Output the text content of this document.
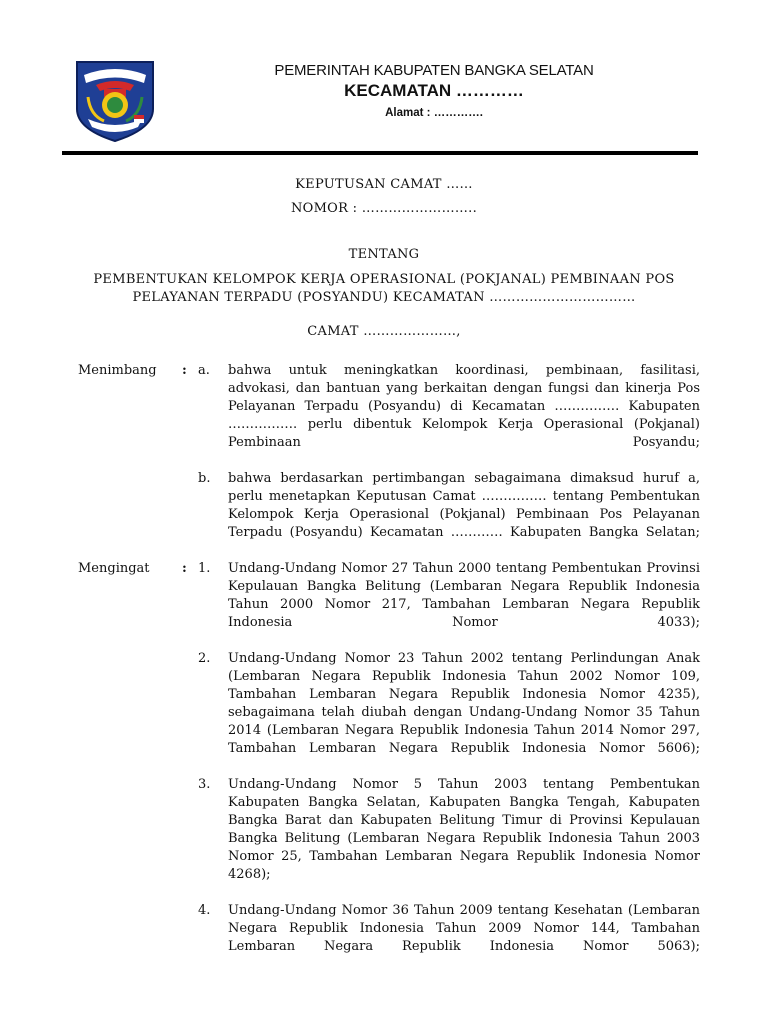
PEMERINTAH KABUPATEN BANGKA SELATAN
KECAMATAN …………
Alamat : ………….
KEPUTUSAN CAMAT ……
NOMOR : ……………………..
TENTANG
PEMBENTUKAN KELOMPOK KERJA OPERASIONAL (POKJANAL) PEMBINAAN POS
PELAYANAN TERPADU (POSYANDU) KECAMATAN ……………………………
CAMAT …………………,
Menimbang	: a.	bahwa untuk meningkatkan koordinasi, pembinaan, fasilitasi, advokasi, dan bantuan yang berkaitan dengan fungsi dan kinerja Pos Pelayanan Terpadu (Posyandu) di Kecamatan …………… Kabupaten ……………. perlu dibentuk Kelompok Kerja Operasional (Pokjanal) Pembinaan Posyandu;
b.	bahwa berdasarkan pertimbangan sebagaimana dimaksud huruf a, perlu menetapkan Keputusan Camat …………… tentang Pembentukan Kelompok Kerja Operasional (Pokjanal) Pembinaan Pos Pelayanan Terpadu (Posyandu) Kecamatan ………… Kabupaten Bangka Selatan;
Mengingat	: 1.	Undang-Undang Nomor 27 Tahun 2000 tentang Pembentukan Provinsi Kepulauan Bangka Belitung (Lembaran Negara Republik Indonesia Tahun 2000 Nomor 217, Tambahan Lembaran Negara Republik Indonesia Nomor 4033);
2.	Undang-Undang Nomor 23 Tahun 2002 tentang Perlindungan Anak (Lembaran Negara Republik Indonesia Tahun 2002 Nomor 109, Tambahan Lembaran Negara Republik Indonesia Nomor 4235), sebagaimana telah diubah dengan Undang-Undang Nomor 35 Tahun 2014 (Lembaran Negara Republik Indonesia Tahun 2014 Nomor 297, Tambahan Lembaran Negara Republik Indonesia Nomor 5606);
3.	Undang-Undang Nomor 5 Tahun 2003 tentang Pembentukan Kabupaten Bangka Selatan, Kabupaten Bangka Tengah, Kabupaten Bangka Barat dan Kabupaten Belitung Timur di Provinsi Kepulauan Bangka Belitung (Lembaran Negara Republik Indonesia Tahun 2003 Nomor 25, Tambahan Lembaran Negara Republik Indonesia Nomor 4268);
4.	Undang-Undang Nomor 36 Tahun 2009 tentang Kesehatan (Lembaran Negara Republik Indonesia Tahun 2009 Nomor 144, Tambahan Lembaran Negara Republik Indonesia Nomor 5063);
